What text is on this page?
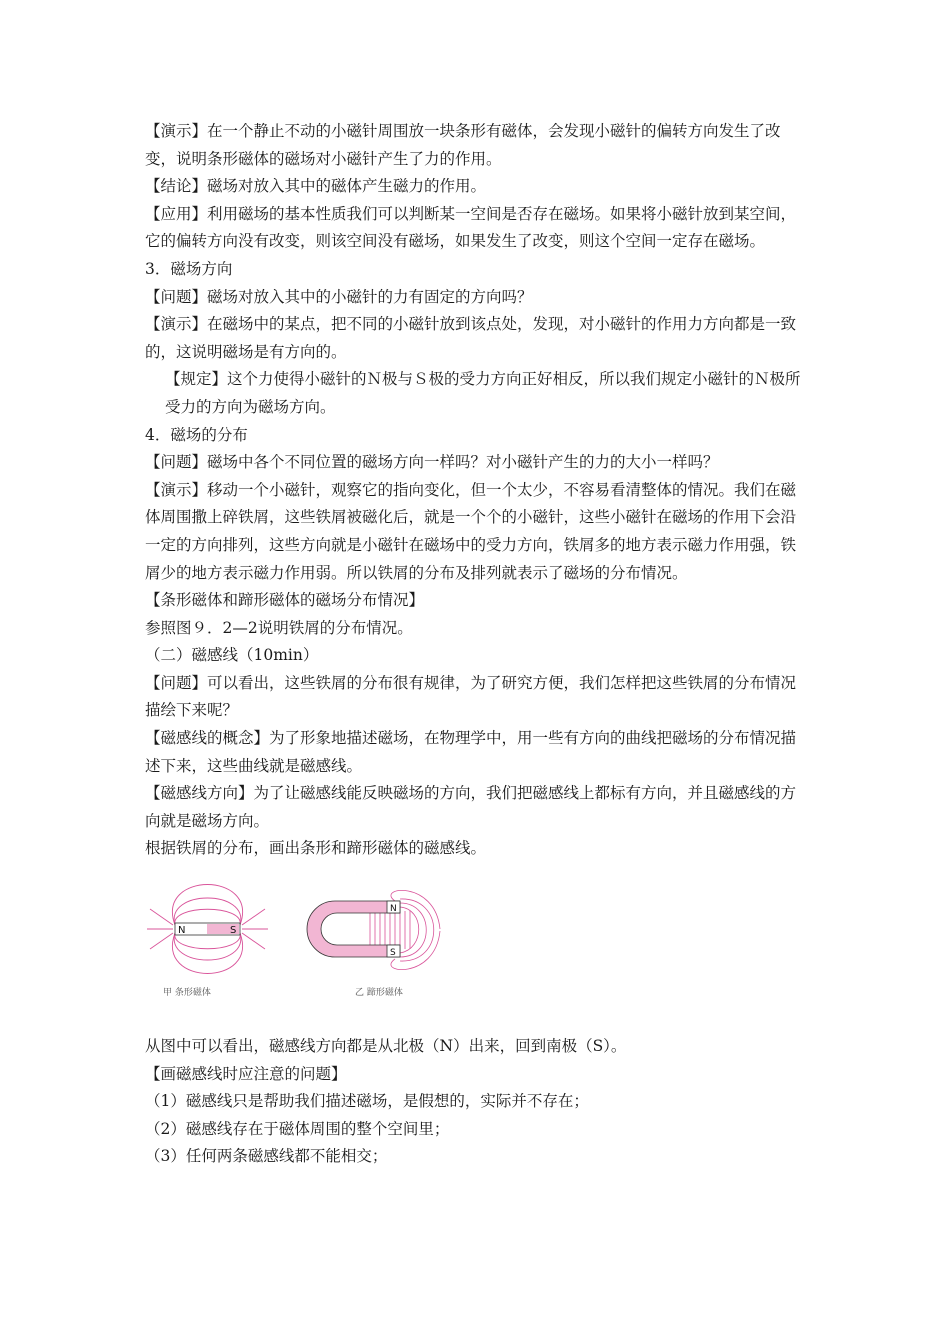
【演示】在一个静止不动的小磁针周围放一块条形有磁体，会发现小磁针的偏转方向发生了改变，说明条形磁体的磁场对小磁针产生了力的作用。

【结论】磁场对放入其中的磁体产生磁力的作用。

【应用】利用磁场的基本性质我们可以判断某一空间是否存在磁场。如果将小磁针放到某空间，它的偏转方向没有改变，则该空间没有磁场，如果发生了改变，则这个空间一定存在磁场。

3．磁场方向

【问题】磁场对放入其中的小磁针的力有固定的方向吗？

【演示】在磁场中的某点，把不同的小磁针放到该点处，发现，对小磁针的作用力方向都是一致的，这说明磁场是有方向的。

【规定】这个力使得小磁针的Ｎ极与Ｓ极的受力方向正好相反，所以我们规定小磁针的Ｎ极所受力的方向为磁场方向。

4．磁场的分布

【问题】磁场中各个不同位置的磁场方向一样吗？对小磁针产生的力的大小一样吗？

【演示】移动一个小磁针，观察它的指向变化，但一个太少，不容易看清整体的情况。我们在磁体周围撒上碎铁屑，这些铁屑被磁化后，就是一个个的小磁针，这些小磁针在磁场的作用下会沿一定的方向排列，这些方向就是小磁针在磁场中的受力方向，铁屑多的地方表示磁力作用强，铁屑少的地方表示磁力作用弱。所以铁屑的分布及排列就表示了磁场的分布情况。

【条形磁体和蹄形磁体的磁场分布情况】

参照图９．2—2说明铁屑的分布情况。

（二）磁感线（10min）

【问题】可以看出，这些铁屑的分布很有规律，为了研究方便，我们怎样把这些铁屑的分布情况描绘下来呢？

【磁感线的概念】为了形象地描述磁场，在物理学中，用一些有方向的曲线把磁场的分布情况描述下来，这些曲线就是磁感线。

【磁感线方向】为了让磁感线能反映磁场的方向，我们把磁感线上都标有方向，并且磁感线的方向就是磁场方向。

根据铁屑的分布，画出条形和蹄形磁体的磁感线。

N	S
N
S
甲 条形磁体	乙 蹄形磁体

从图中可以看出，磁感线方向都是从北极（N）出来，回到南极（S）。

【画磁感线时应注意的问题】

（1）磁感线只是帮助我们描述磁场，是假想的，实际并不存在；

（2）磁感线存在于磁体周围的整个空间里；

（3）任何两条磁感线都不能相交；
